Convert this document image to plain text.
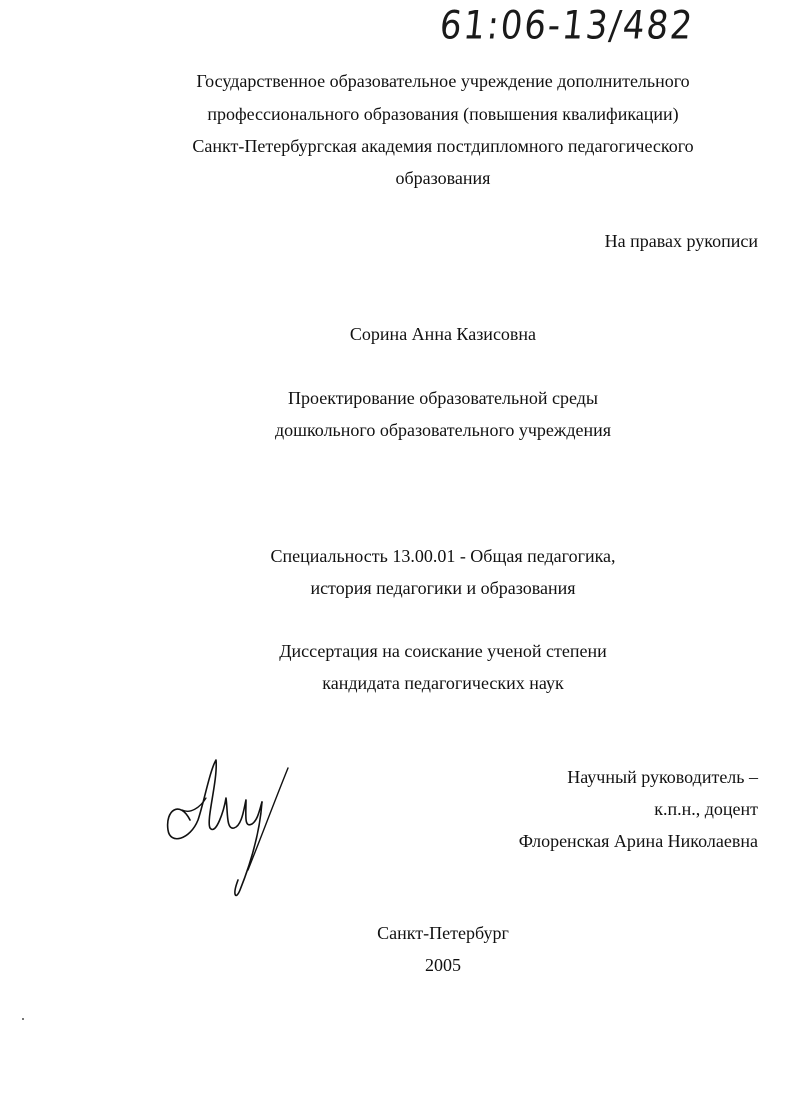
61:06-13/482
Государственное образовательное учреждение дополнительного
профессионального образования (повышения квалификации)
Санкт-Петербургская академия постдипломного педагогического
образования
На правах рукописи
Сорина Анна Казисовна
Проектирование образовательной среды
дошкольного образовательного учреждения
Специальность 13.00.01 - Общая педагогика,
история педагогики и образования
Диссертация на соискание ученой степени
кандидата педагогических наук
Научный руководитель –
к.п.н., доцент
Флоренская Арина Николаевна
Санкт-Петербург
2005
